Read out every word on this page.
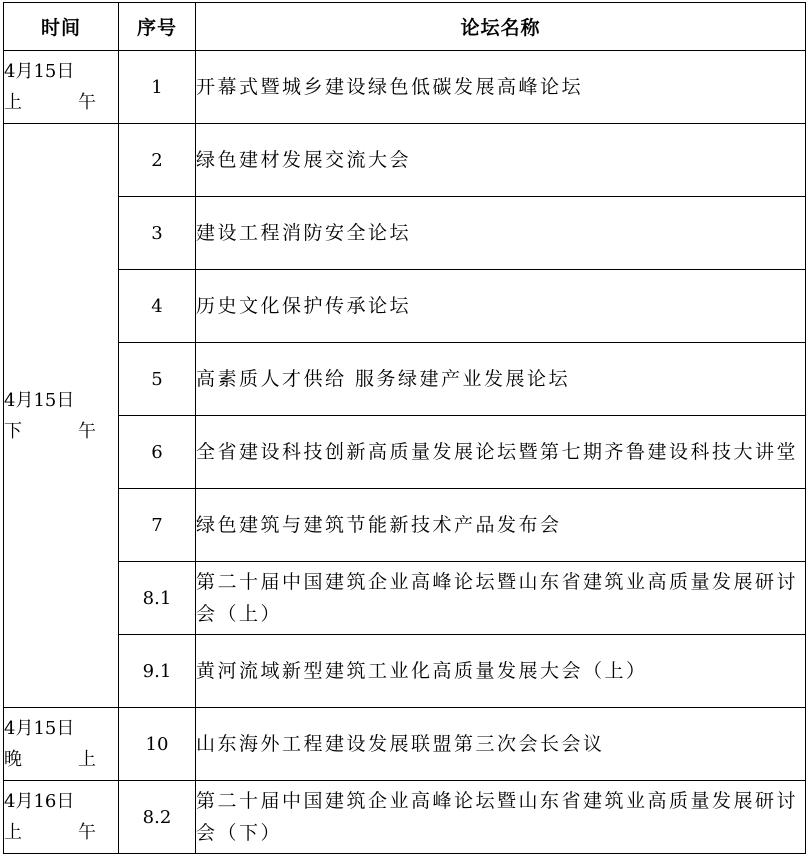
时间	序号	论坛名称

4月15日
上午	1	开幕式暨城乡建设绿色低碳发展高峰论坛

4月15日
下午	2	绿色建材发展交流大会
	3	建设工程消防安全论坛
	4	历史文化保护传承论坛
	5	高素质人才供给 服务绿建产业发展论坛
	6	全省建设科技创新高质量发展论坛暨第七期齐鲁建设科技大讲堂
	7	绿色建筑与建筑节能新技术产品发布会
	8.1	第二十届中国建筑企业高峰论坛暨山东省建筑业高质量发展研讨会（上）
	9.1	黄河流域新型建筑工业化高质量发展大会（上）

4月15日
晚上	10	山东海外工程建设发展联盟第三次会长会议

4月16日
上午	8.2	第二十届中国建筑企业高峰论坛暨山东省建筑业高质量发展研讨会（下）
